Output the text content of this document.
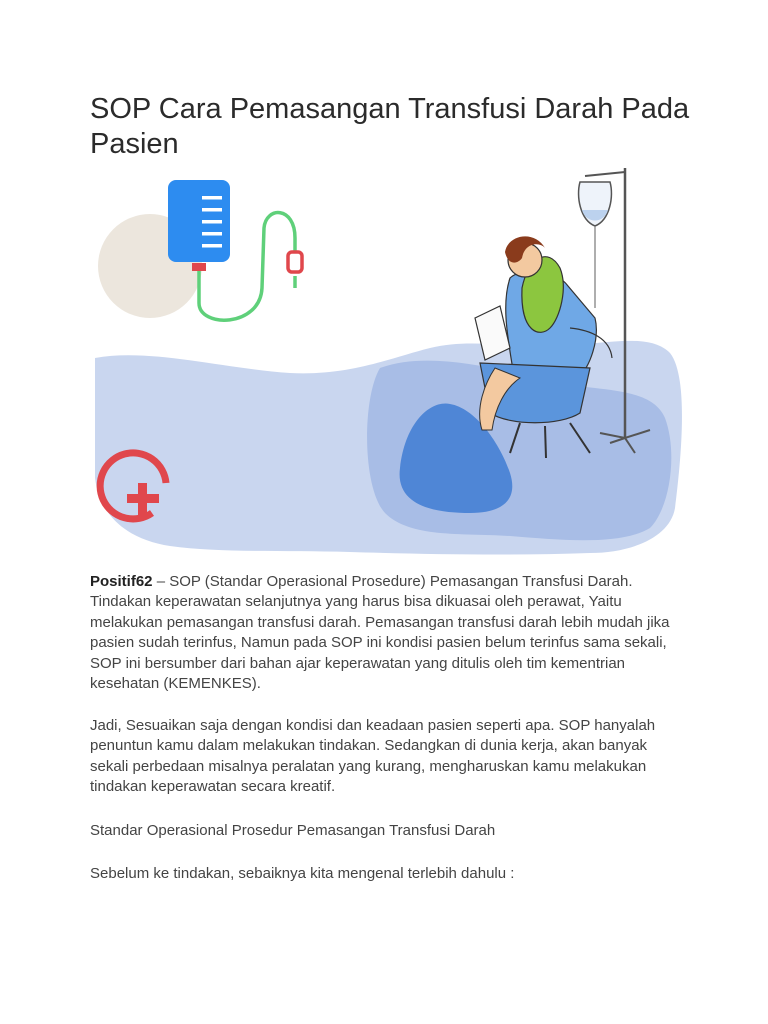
SOP Cara Pemasangan Transfusi Darah Pada Pasien

Positif62 – SOP (Standar Operasional Prosedure) Pemasangan Transfusi Darah. Tindakan keperawatan selanjutnya yang harus bisa dikuasai oleh perawat, Yaitu melakukan pemasangan transfusi darah. Pemasangan transfusi darah lebih mudah jika pasien sudah terinfus, Namun pada SOP ini kondisi pasien belum terinfus sama sekali, SOP ini bersumber dari bahan ajar keperawatan yang ditulis oleh tim kementrian kesehatan (KEMENKES).

Jadi, Sesuaikan saja dengan kondisi dan keadaan pasien seperti apa. SOP hanyalah penuntun kamu dalam melakukan tindakan. Sedangkan di dunia kerja, akan banyak sekali perbedaan misalnya peralatan yang kurang, mengharuskan kamu melakukan tindakan keperawatan secara kreatif.

Standar Operasional Prosedur Pemasangan Transfusi Darah

Sebelum ke tindakan, sebaiknya kita mengenal terlebih dahulu :
